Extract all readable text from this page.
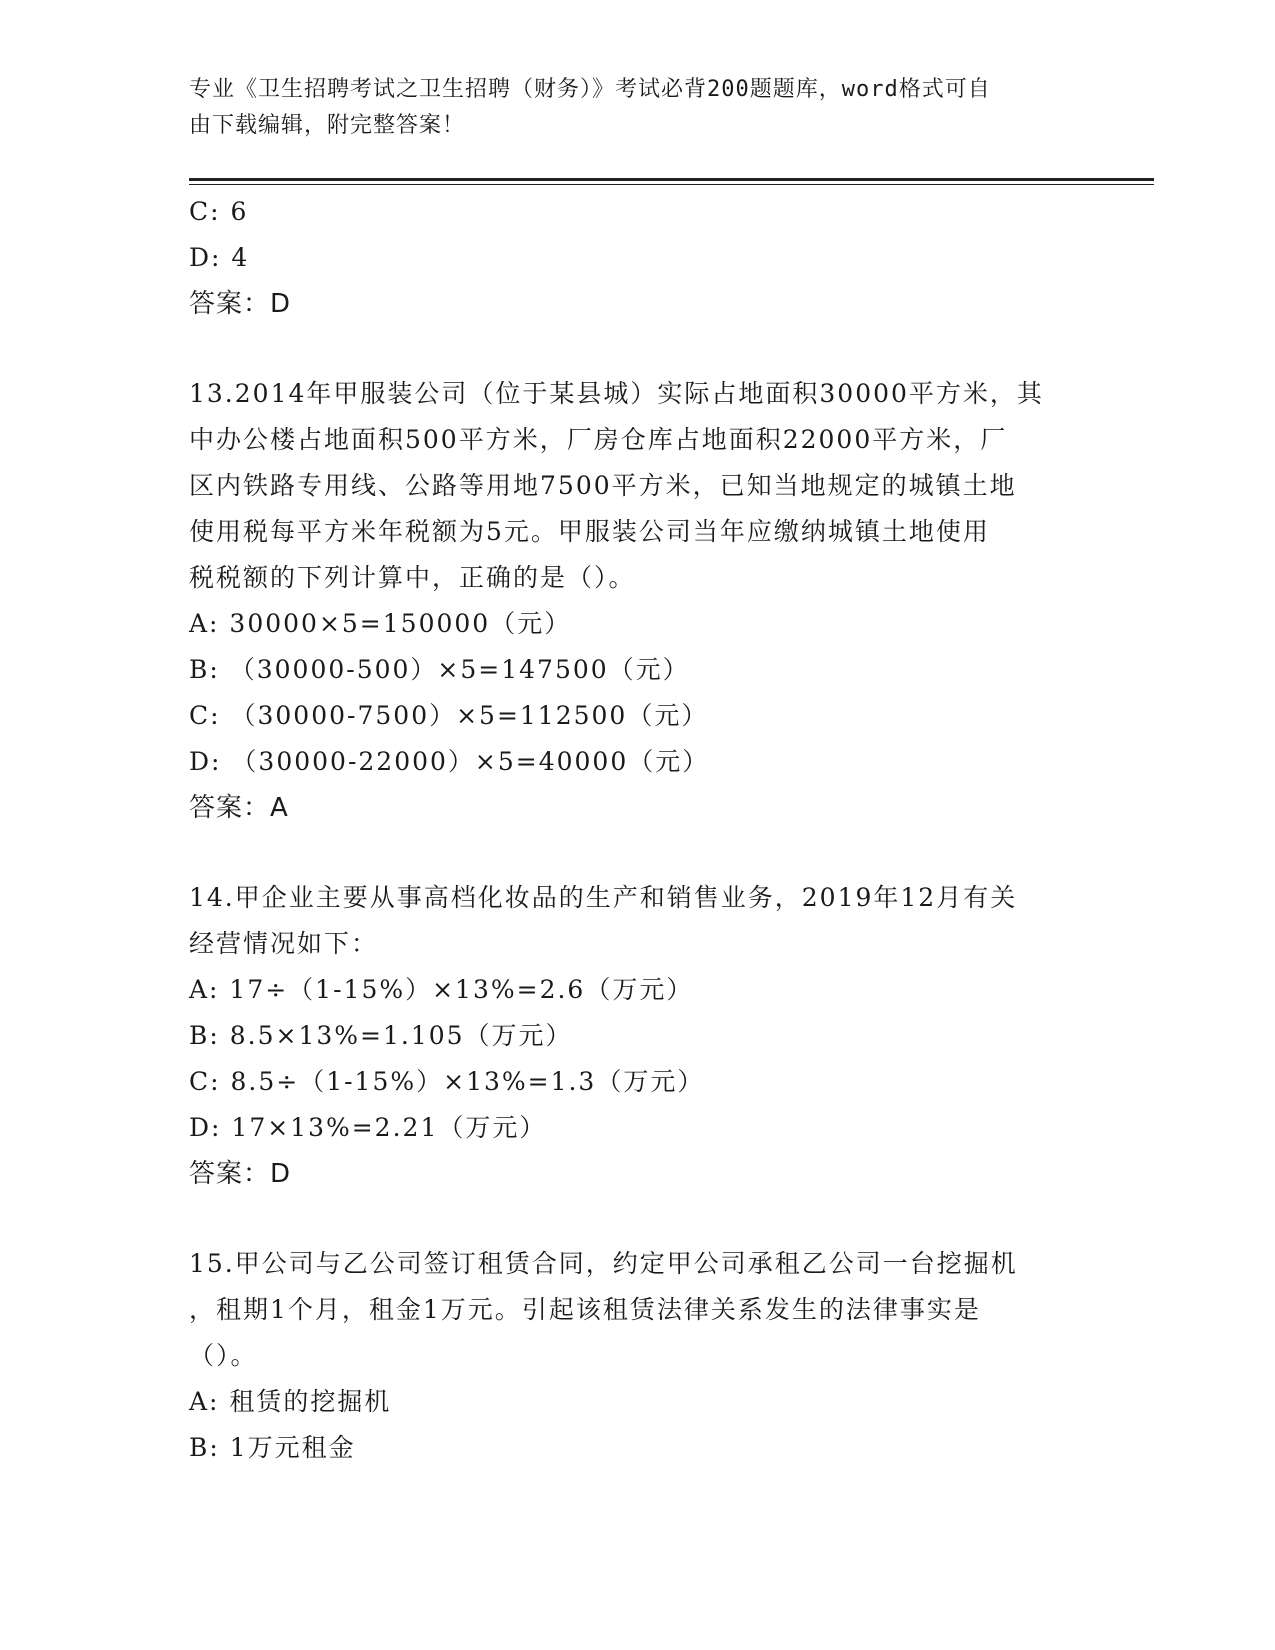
专业《卫生招聘考试之卫生招聘（财务）》考试必背200题题库，word格式可自
由下载编辑，附完整答案！
C: 6
D: 4
答案：D
13.2014年甲服装公司（位于某县城）实际占地面积30000平方米，其
中办公楼占地面积500平方米，厂房仓库占地面积22000平方米，厂
区内铁路专用线、公路等用地7500平方米，已知当地规定的城镇土地
使用税每平方米年税额为5元。甲服装公司当年应缴纳城镇土地使用
税税额的下列计算中，正确的是（）。
A: 30000×5=150000（元）
B: （30000-500）×5=147500（元）
C: （30000-7500）×5=112500（元）
D: （30000-22000）×5=40000（元）
答案：A
14.甲企业主要从事高档化妆品的生产和销售业务，2019年12月有关
经营情况如下：
A: 17÷（1-15%）×13%=2.6（万元）
B: 8.5×13%=1.105（万元）
C: 8.5÷（1-15%）×13%=1.3（万元）
D: 17×13%=2.21（万元）
答案：D
15.甲公司与乙公司签订租赁合同，约定甲公司承租乙公司一台挖掘机
，租期1个月，租金1万元。引起该租赁法律关系发生的法律事实是
（）。
A: 租赁的挖掘机
B: 1万元租金
